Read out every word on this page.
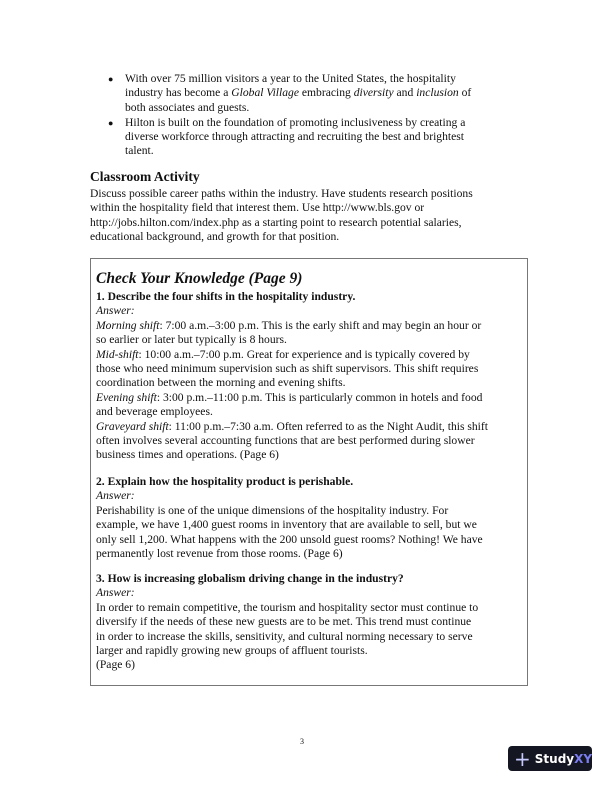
● With over 75 million visitors a year to the United States, the hospitality
industry has become a Global Village embracing diversity and inclusion of
both associates and guests.
● Hilton is built on the foundation of promoting inclusiveness by creating a
diverse workforce through attracting and recruiting the best and brightest
talent.
Classroom Activity
Discuss possible career paths within the industry. Have students research positions
within the hospitality field that interest them. Use http://www.bls.gov or
http://jobs.hilton.com/index.php as a starting point to research potential salaries,
educational background, and growth for that position.
Check Your Knowledge (Page 9)
1. Describe the four shifts in the hospitality industry.
Answer:
Morning shift: 7:00 a.m.–3:00 p.m. This is the early shift and may begin an hour or
so earlier or later but typically is 8 hours.
Mid-shift: 10:00 a.m.–7:00 p.m. Great for experience and is typically covered by
those who need minimum supervision such as shift supervisors. This shift requires
coordination between the morning and evening shifts.
Evening shift: 3:00 p.m.–11:00 p.m. This is particularly common in hotels and food
and beverage employees.
Graveyard shift: 11:00 p.m.–7:30 a.m. Often referred to as the Night Audit, this shift
often involves several accounting functions that are best performed during slower
business times and operations. (Page 6)
2. Explain how the hospitality product is perishable.
Answer:
Perishability is one of the unique dimensions of the hospitality industry. For
example, we have 1,400 guest rooms in inventory that are available to sell, but we
only sell 1,200. What happens with the 200 unsold guest rooms? Nothing! We have
permanently lost revenue from those rooms. (Page 6)
3. How is increasing globalism driving change in the industry?
Answer:
In order to remain competitive, the tourism and hospitality sector must continue to
diversify if the needs of these new guests are to be met. This trend must continue
in order to increase the skills, sensitivity, and cultural norming necessary to serve
larger and rapidly growing new groups of affluent tourists.
(Page 6)
3
+ Study XY
